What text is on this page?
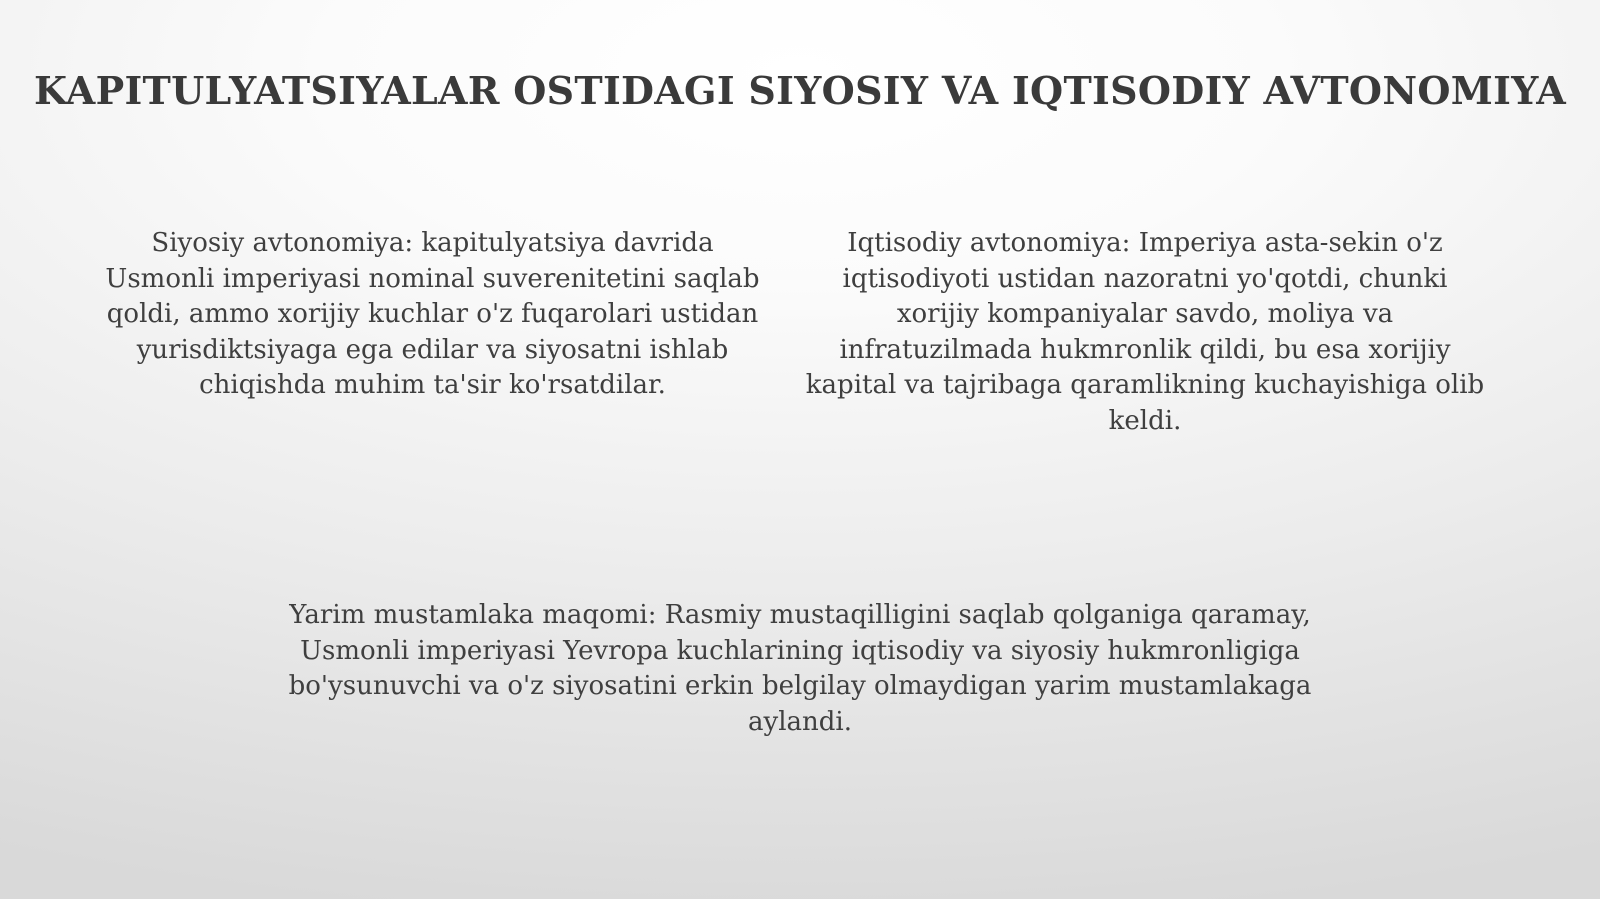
KAPITULYATSIYALAR OSTIDAGI SIYOSIY VA IQTISODIY AVTONOMIYA
Siyosiy avtonomiya: kapitulyatsiya davrida Usmonli imperiyasi nominal suverenitetini saqlab qoldi, ammo xorijiy kuchlar o'z fuqarolari ustidan yurisdiktsiyaga ega edilar va siyosatni ishlab chiqishda muhim ta'sir ko'rsatdilar.
Iqtisodiy avtonomiya: Imperiya asta-sekin o'z iqtisodiyoti ustidan nazoratni yo'qotdi, chunki xorijiy kompaniyalar savdo, moliya va infratuzilmada hukmronlik qildi, bu esa xorijiy kapital va tajribaga qaramlikning kuchayishiga olib keldi.
Yarim mustamlaka maqomi: Rasmiy mustaqilligini saqlab qolganiga qaramay, Usmonli imperiyasi Yevropa kuchlarining iqtisodiy va siyosiy hukmronligiga bo'ysunuvchi va o'z siyosatini erkin belgilay olmaydigan yarim mustamlakaga aylandi.
